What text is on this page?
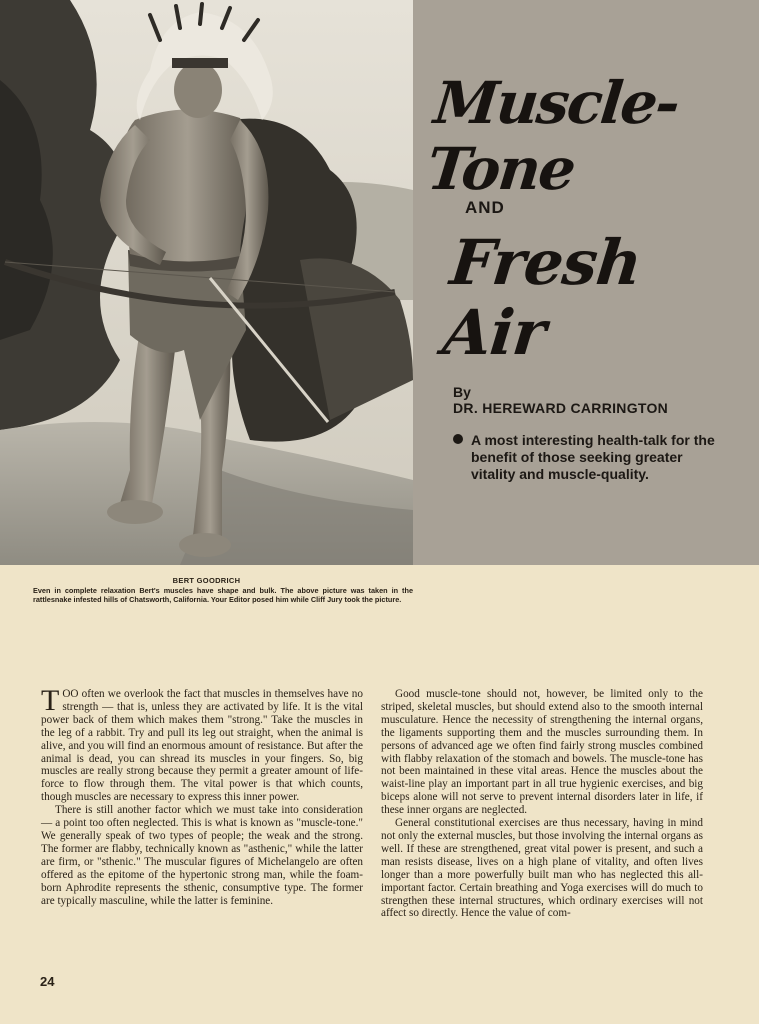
Muscle-Tone
AND
Fresh Air
By
DR. HEREWARD CARRINGTON
A most interesting health-talk for the benefit of those seeking greater vitality and muscle-quality.
BERT GOODRICH
Even in complete relaxation Bert's muscles have shape and bulk. The above picture was taken in the rattlesnake infested hills of Chatsworth, California. Your Editor posed him while Cliff Jury took the picture.

TOO often we overlook the fact that muscles in themselves have no strength — that is, unless they are activated by life. It is the vital power back of them which makes them "strong." Take the muscles in the leg of a rabbit. Try and pull its leg out straight, when the animal is alive, and you will find an enormous amount of resistance. But after the animal is dead, you can shread its muscles in your fingers. So, big muscles are really strong because they permit a greater amount of life-force to flow through them. The vital power is that which counts, though muscles are necessary to express this inner power.

There is still another factor which we must take into consideration — a point too often neglected. This is what is known as "muscle-tone." We generally speak of two types of people; the weak and the strong. The former are flabby, technically known as "asthenic," while the latter are firm, or "sthenic." The muscular figures of Michelangelo are often offered as the epitome of the hypertonic strong man, while the foam-born Aphrodite represents the sthenic, consumptive type. The former are typically masculine, while the latter is feminine.

Good muscle-tone should not, however, be limited only to the striped, skeletal muscles, but should extend also to the smooth internal musculature. Hence the necessity of strengthening the internal organs, the ligaments supporting them and the muscles surrounding them. In persons of advanced age we often find fairly strong muscles combined with flabby relaxation of the stomach and bowels. The muscle-tone has not been maintained in these vital areas. Hence the muscles about the waist-line play an important part in all true hygienic exercises, and big biceps alone will not serve to prevent internal disorders later in life, if these inner organs are neglected.

General constitutional exercises are thus necessary, having in mind not only the external muscles, but those involving the internal organs as well. If these are strengthened, great vital power is present, and such a man resists disease, lives on a high plane of vitality, and often lives longer than a more powerfully built man who has neglected this all-important factor. Certain breathing and Yoga exercises will do much to strengthen these internal structures, which ordinary exercises will not affect so directly. Hence the value of com-

24
